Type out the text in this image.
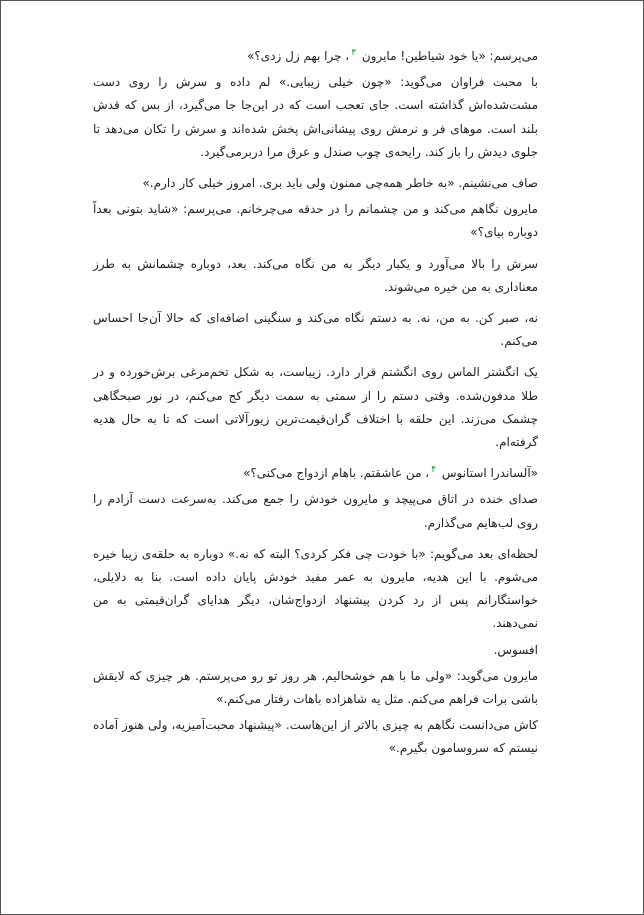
می‌پرسم: «یا خود شیاطین! مایرون $^٣$، چرا بهم زل زدی؟»

با محبت فراوان می‌گوید: «چون خیلی زیبایی.» لم داده و سرش را روی دست مشت‌شده‌اش گذاشته است. جای تعجب است که در این‌جا جا می‌گیرد، از بس که قدش بلند است. موهای فر و نرمش روی پیشانی‌اش پخش شده‌اند و سرش را تکان می‌دهد تا جلوی دیدش را باز کند. رایحه‌ی چوب صندل و عرق مرا دربرمی‌گیرد.

صاف می‌نشینم. «به خاطر همه‌چی ممنون ولی باید بری. امروز خیلی کار دارم.»

مایرون نگاهم می‌کند و من چشمانم را در حدقه می‌چرخانم. می‌پرسم: «شاید بتونی بعداً دوباره بیای؟»

سرش را بالا می‌آورد و یکبار دیگر به من نگاه می‌کند. بعد، دوباره چشمانش به طرز معناداری به من خیره می‌شوند.

نه، صبر کن. به من، نه. به دستم نگاه می‌کند و سنگینی اضافه‌ای که حالا آن‌جا احساس می‌کنم.

یک انگشتر الماس روی انگشتم قرار دارد. زیباست، به شکل تخم‌مرغی برش‌خورده و در طلا مدفون‌شده. وقتی دستم را از سمتی به سمت دیگر کج می‌کنم، در نور صبحگاهی چشمک می‌زند. این حلقه با اختلاف گران‌قیمت‌ترین زیورآلاتی است که تا به حال هدیه گرفته‌ام.

«آلساندرا استانوس $^۴$، من عاشقتم. باهام ازدواج می‌کنی؟»

صدای خنده در اتاق می‌پیچد و مایرون خودش را جمع می‌کند. به‌سرعت دست آزادم را روی لب‌هایم می‌گذارم.

لحظه‌ای بعد می‌گویم: «با خودت چی فکر کردی؟ البته که نه.» دوباره به حلقه‌ی زیبا خیره می‌شوم. با این هدیه، مایرون به عمر مفید خودش پایان داده است. بنا به دلایلی، خواستگارانم پس از رد کردن پیشنهاد ازدواج‌شان، دیگر هدایای گران‌قیمتی به من نمی‌دهند.

افسوس.

مایرون می‌گوید: «ولی ما با هم خوشحالیم. هر روز تو رو می‌پرستم. هر چیزی که لایقش باشی برات فراهم می‌کنم. مثل یه شاهزاده باهات رفتار می‌کنم.»

کاش می‌دانست نگاهم به چیزی بالاتر از این‌هاست. «پیشنهاد محبت‌آمیزیه، ولی هنوز آماده نیستم که سروسامون بگیرم.»
